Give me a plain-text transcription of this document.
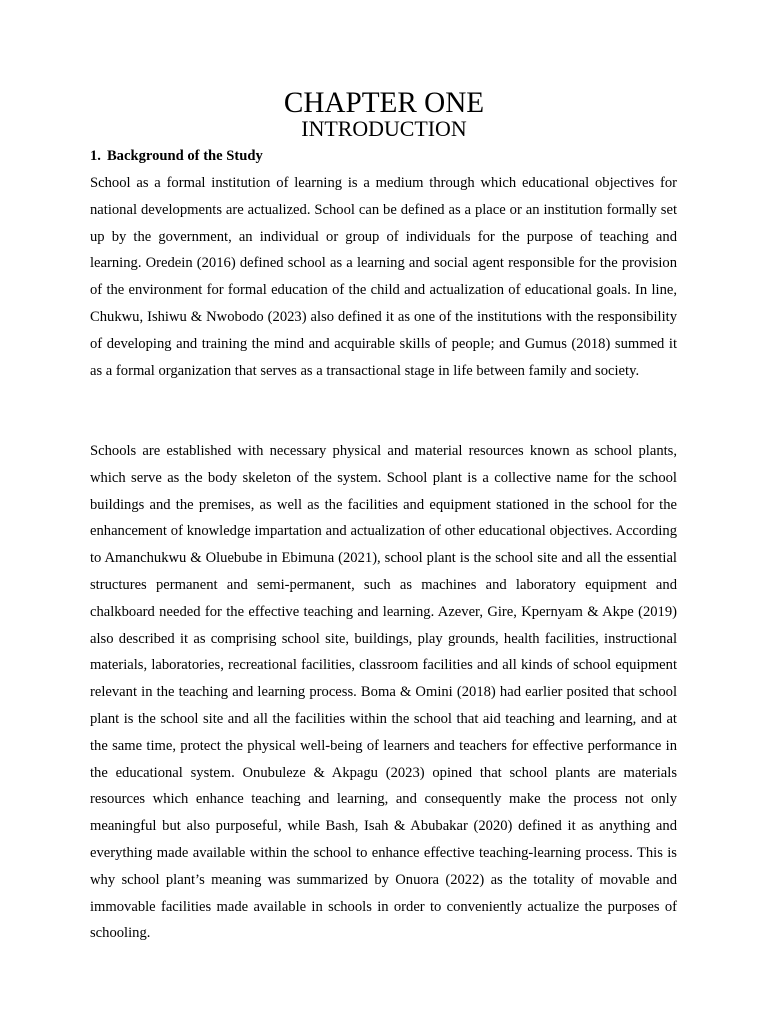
CHAPTER ONE
INTRODUCTION
1. Background of the Study

School as a formal institution of learning is a medium through which educational objectives for national developments are actualized. School can be defined as a place or an institution formally set up by the government, an individual or group of individuals for the purpose of teaching and learning. Oredein (2016) defined school as a learning and social agent responsible for the provision of the environment for formal education of the child and actualization of educational goals. In line, Chukwu, Ishiwu & Nwobodo (2023) also defined it as one of the institutions with the responsibility of developing and training the mind and acquirable skills of people; and Gumus (2018) summed it as a formal organization that serves as a transactional stage in life between family and society.

Schools are established with necessary physical and material resources known as school plants, which serve as the body skeleton of the system. School plant is a collective name for the school buildings and the premises, as well as the facilities and equipment stationed in the school for the enhancement of knowledge impartation and actualization of other educational objectives. According to Amanchukwu & Oluebube in Ebimuna (2021), school plant is the school site and all the essential structures permanent and semi-permanent, such as machines and laboratory equipment and chalkboard needed for the effective teaching and learning. Azever, Gire, Kpernyam & Akpe (2019) also described it as comprising school site, buildings, play grounds, health facilities, instructional materials, laboratories, recreational facilities, classroom facilities and all kinds of school equipment relevant in the teaching and learning process. Boma & Omini (2018) had earlier posited that school plant is the school site and all the facilities within the school that aid teaching and learning, and at the same time, protect the physical well-being of learners and teachers for effective performance in the educational system. Onubuleze & Akpagu (2023) opined that school plants are materials resources which enhance teaching and learning, and consequently make the process not only meaningful but also purposeful, while Bash, Isah & Abubakar (2020) defined it as anything and everything made available within the school to enhance effective teaching-learning process. This is why school plant’s meaning was summarized by Onuora (2022) as the totality of movable and immovable facilities made available in schools in order to conveniently actualize the purposes of schooling.
